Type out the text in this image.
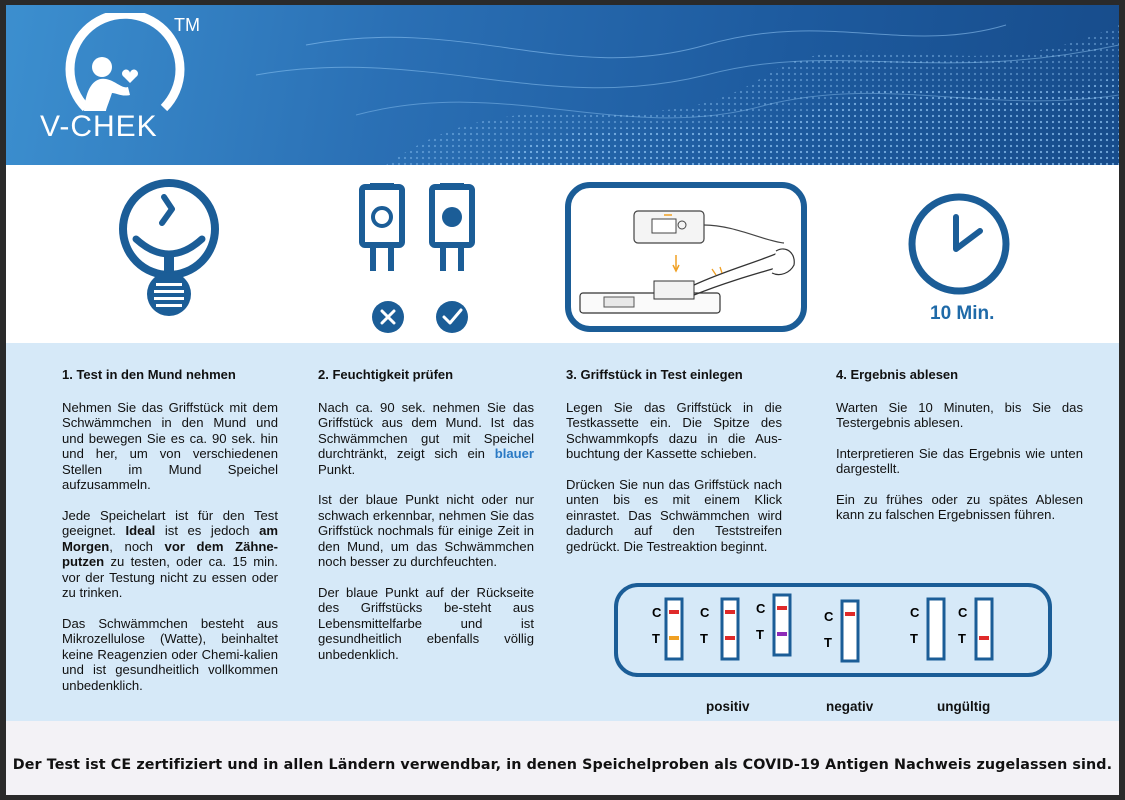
V-CHEK
TM
10 Min.
1. Test in den Mund nehmen

Nehmen Sie das Griffstück mit dem Schwämmchen in den Mund und und bewegen Sie es ca. 90 sek. hin und her, um von verschiedenen Stellen im Mund Speichel aufzusammeln.

Jede Speichelart ist für den Test geeignet. Ideal ist es jedoch am Morgen, noch vor dem Zähne-putzen zu testen, oder ca. 15 min. vor der Testung nicht zu essen oder zu trinken.

Das Schwämmchen besteht aus Mikrozellulose (Watte), beinhaltet keine Reagenzien oder Chemi-kalien und ist gesundheitlich vollkommen unbedenklich.

2. Feuchtigkeit prüfen

Nach ca. 90 sek. nehmen Sie das Griffstück aus dem Mund. Ist das Schwämmchen gut mit Speichel durchtränkt, zeigt sich ein blauer Punkt.

Ist der blaue Punkt nicht oder nur schwach erkennbar, nehmen Sie das Griffstück nochmals für einige Zeit in den Mund, um das Schwämmchen noch besser zu durchfeuchten.

Der blaue Punkt auf der Rückseite des Griffstücks be-steht aus Lebensmittelfarbe und ist gesundheitlich ebenfalls völlig unbedenklich.

3. Griffstück in Test einlegen

Legen Sie das Griffstück in die Testkassette ein. Die Spitze des Schwammkopfs dazu in die Aus-buchtung der Kassette schieben.

Drücken Sie nun das Griffstück nach unten bis es mit einem Klick einrastet. Das Schwämmchen wird dadurch auf den Teststreifen gedrückt. Die Testreaktion beginnt.

4. Ergebnis ablesen

Warten Sie 10 Minuten, bis Sie das Testergebnis ablesen.

Interpretieren Sie das Ergebnis wie unten dargestellt.

Ein zu frühes oder zu spätes Ablesen kann zu falschen Ergebnissen führen.

C
T
C
T
C
T
C
T
C
T
C
T
positiv	negativ	ungültig

Der Test ist CE zertifiziert und in allen Ländern verwendbar, in denen Speichelproben als COVID-19 Antigen Nachweis zugelassen sind.
